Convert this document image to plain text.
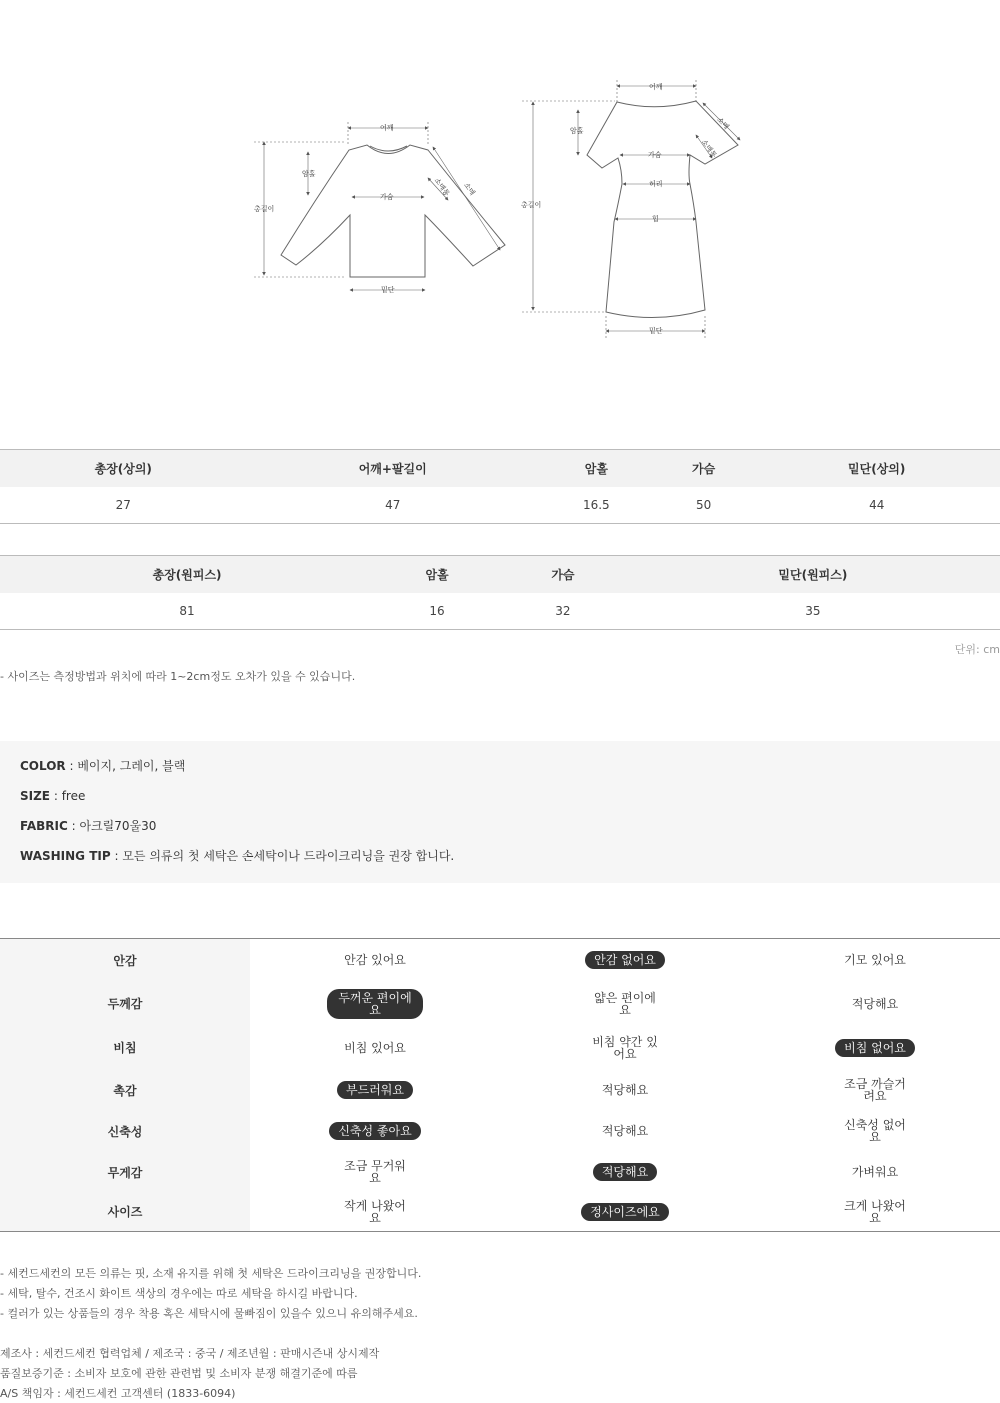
어깨
총길이
암홀
가슴
밑단
소매
소매통
어깨
총길이
암홀
가슴
허리
힙
밑단
소매
소매통
총장(상의)	어깨+팔길이	암홀	가슴	밑단(상의)
27	47	16.5	50	44
총장(원피스)	암홀	가슴	밑단(원피스)	
81	16	32	35	
단위: cm
- 사이즈는 측정방법과 위치에 따라 1~2cm정도 오차가 있을 수 있습니다.
COLOR : 베이지, 그레이, 블랙
SIZE : free
FABRIC : 아크릴70울30
WASHING TIP : 모든 의류의 첫 세탁은 손세탁이나 드라이크리닝을 권장 합니다.
안감	안감 있어요	안감 없어요	기모 있어요
두께감	두꺼운 편이에요	얇은 편이에요	적당해요
비침	비침 있어요	비침 약간 있어요	비침 없어요
촉감	부드러워요	적당해요	조금 까슬거려요
신축성	신축성 좋아요	적당해요	신축성 없어요
무게감	조금 무거워요	적당해요	가벼워요
사이즈	작게 나왔어요	정사이즈에요	크게 나왔어요
- 세컨드세컨의 모든 의류는 핏, 소재 유지를 위해 첫 세탁은 드라이크리닝을 권장합니다.
- 세탁, 탈수, 건조시 화이트 색상의 경우에는 따로 세탁을 하시길 바랍니다.
- 컬러가 있는 상품들의 경우 착용 혹은 세탁시에 물빠짐이 있을수 있으니 유의해주세요.
제조사 : 세컨드세컨 협력업체 / 제조국 : 중국 / 제조년월 : 판매시즌내 상시제작
품질보증기준 : 소비자 보호에 관한 관련법 및 소비자 분쟁 해결기준에 따름
A/S 책임자 : 세컨드세컨 고객센터 (1833-6094)
